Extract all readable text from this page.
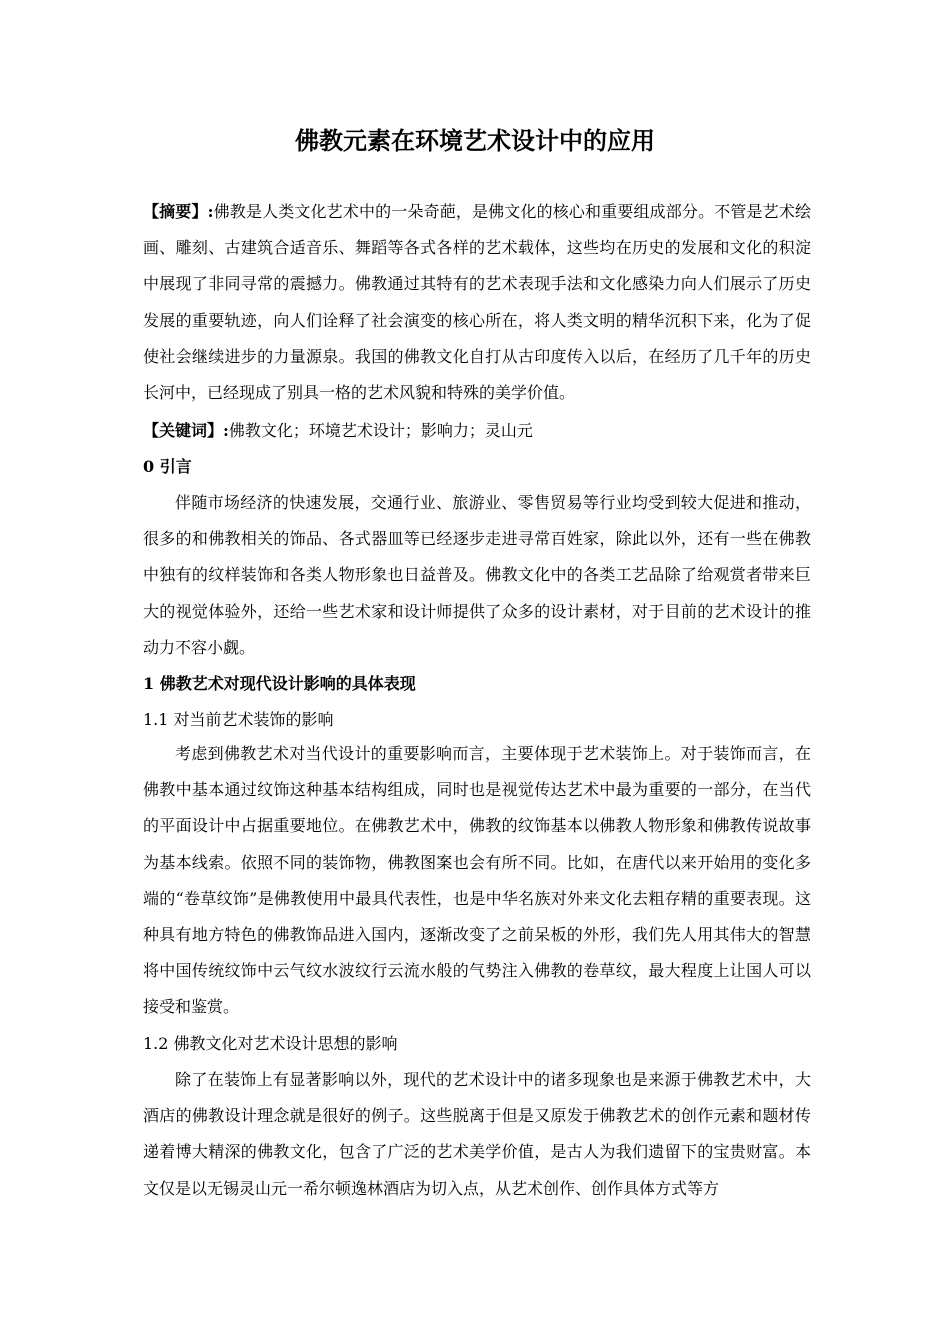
佛教元素在环境艺术设计中的应用
【摘要】:佛教是人类文化艺术中的一朵奇葩，是佛文化的核心和重要组成部分。不管是艺术绘画、雕刻、古建筑合适音乐、舞蹈等各式各样的艺术载体，这些均在历史的发展和文化的积淀中展现了非同寻常的震撼力。佛教通过其特有的艺术表现手法和文化感染力向人们展示了历史发展的重要轨迹，向人们诠释了社会演变的核心所在，将人类文明的精华沉积下来，化为了促使社会继续进步的力量源泉。我国的佛教文化自打从古印度传入以后，在经历了几千年的历史长河中，已经现成了别具一格的艺术风貌和特殊的美学价值。
【关键词】:佛教文化；环境艺术设计；影响力；灵山元
0 引言
伴随市场经济的快速发展，交通行业、旅游业、零售贸易等行业均受到较大促进和推动，很多的和佛教相关的饰品、各式器皿等已经逐步走进寻常百姓家，除此以外，还有一些在佛教中独有的纹样装饰和各类人物形象也日益普及。佛教文化中的各类工艺品除了给观赏者带来巨大的视觉体验外，还给一些艺术家和设计师提供了众多的设计素材，对于目前的艺术设计的推动力不容小觑。
1 佛教艺术对现代设计影响的具体表现
1.1 对当前艺术装饰的影响
考虑到佛教艺术对当代设计的重要影响而言，主要体现于艺术装饰上。对于装饰而言，在佛教中基本通过纹饰这种基本结构组成，同时也是视觉传达艺术中最为重要的一部分，在当代的平面设计中占据重要地位。在佛教艺术中，佛教的纹饰基本以佛教人物形象和佛教传说故事为基本线索。依照不同的装饰物，佛教图案也会有所不同。比如，在唐代以来开始用的变化多端的“卷草纹饰”是佛教使用中最具代表性，也是中华名族对外来文化去粗存精的重要表现。这种具有地方特色的佛教饰品进入国内，逐渐改变了之前呆板的外形，我们先人用其伟大的智慧将中国传统纹饰中云气纹水波纹行云流水般的气势注入佛教的卷草纹，最大程度上让国人可以接受和鉴赏。
1.2 佛教文化对艺术设计思想的影响
除了在装饰上有显著影响以外，现代的艺术设计中的诸多现象也是来源于佛教艺术中，大酒店的佛教设计理念就是很好的例子。这些脱离于但是又原发于佛教艺术的创作元素和题材传递着博大精深的佛教文化，包含了广泛的艺术美学价值，是古人为我们遗留下的宝贵财富。本文仅是以无锡灵山元一希尔顿逸林酒店为切入点，从艺术创作、创作具体方式等方
